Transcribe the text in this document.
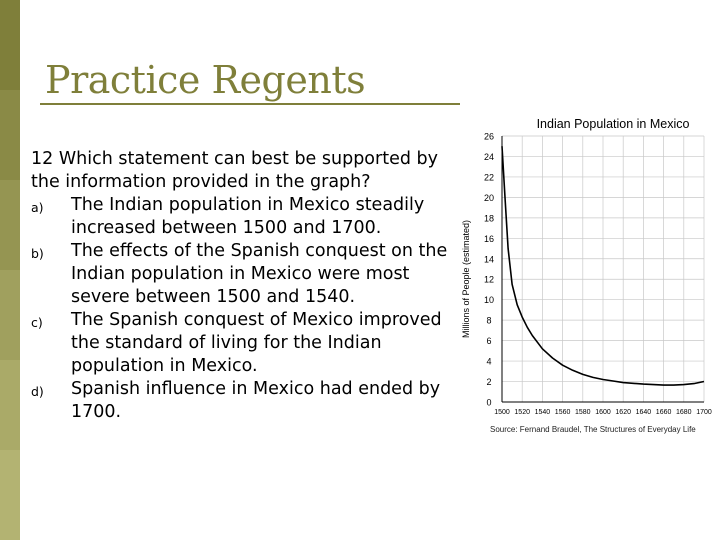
Practice Regents

12 Which statement can best be supported by the information provided in the graph?

a) The Indian population in Mexico steadily increased between 1500 and 1700.
b) The effects of the Spanish conquest on the Indian population in Mexico were most severe between 1500 and 1540.
c) The Spanish conquest of Mexico improved the standard of living for the Indian population in Mexico.
d) Spanish influence in Mexico had ended by 1700.
Indian Population in Mexico
0
2
4
6
8
10
12
14
16
18
20
22
24
26
1500 1520 1540 1560 1580 1600 1620 1640 1660 1680 1700
Millions of People (estimated)
Source: Fernand Braudel, The Structures of Everyday Life
